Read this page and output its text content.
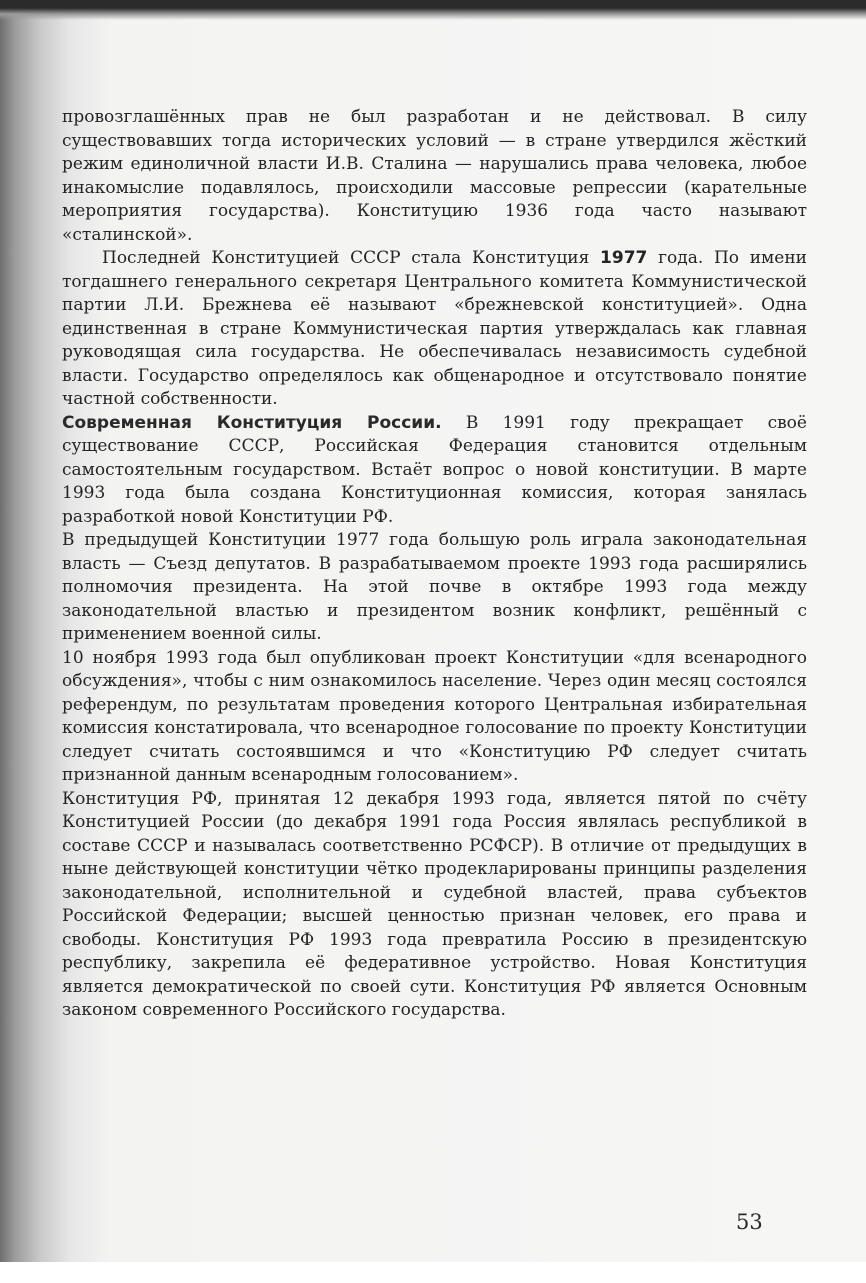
провозглашённых прав не был разработан и не действовал. В силу существовавших тогда исторических условий — в стране утвердился жёсткий режим единоличной власти И.В. Сталина — нарушались права человека, любое инакомыслие подавлялось, происходили массовые репрессии (карательные мероприятия государства). Конституцию 1936 года часто называют «сталинской».

Последней Конституцией СССР стала Конституция 1977 года. По имени тогдашнего генерального секретаря Центрального комитета Коммунистической партии Л.И. Брежнева её называют «брежневской конституцией». Одна единственная в стране Коммунистическая партия утверждалась как главная руководящая сила государства. Не обеспечивалась независимость судебной власти. Государство определялось как общенародное и отсутствовало понятие частной собственности.

Современная Конституция России. В 1991 году прекращает своё существование СССР, Российская Федерация становится отдельным самостоятельным государством. Встаёт вопрос о новой конституции. В марте 1993 года была создана Конституционная комиссия, которая занялась разработкой новой Конституции РФ.

В предыдущей Конституции 1977 года большую роль играла законодательная власть — Съезд депутатов. В разрабатываемом проекте 1993 года расширялись полномочия президента. На этой почве в октябре 1993 года между законодательной властью и президентом возник конфликт, решённый с применением военной силы.

10 ноября 1993 года был опубликован проект Конституции «для всенародного обсуждения», чтобы с ним ознакомилось население. Через один месяц состоялся референдум, по результатам проведения которого Центральная избирательная комиссия констатировала, что всенародное голосование по проекту Конституции следует считать состоявшимся и что «Конституцию РФ следует считать признанной данным всенародным голосованием».

Конституция РФ, принятая 12 декабря 1993 года, является пятой по счёту Конституцией России (до декабря 1991 года Россия являлась республикой в составе СССР и называлась соответственно РСФСР). В отличие от предыдущих в ныне действующей конституции чётко продекларированы принципы разделения законодательной, исполнительной и судебной властей, права субъектов Российской Федерации; высшей ценностью признан человек, его права и свободы. Конституция РФ 1993 года превратила Россию в президентскую республику, закрепила её федеративное устройство. Новая Конституция является демократической по своей сути. Конституция РФ является Основным законом современного Российского государства.

53
